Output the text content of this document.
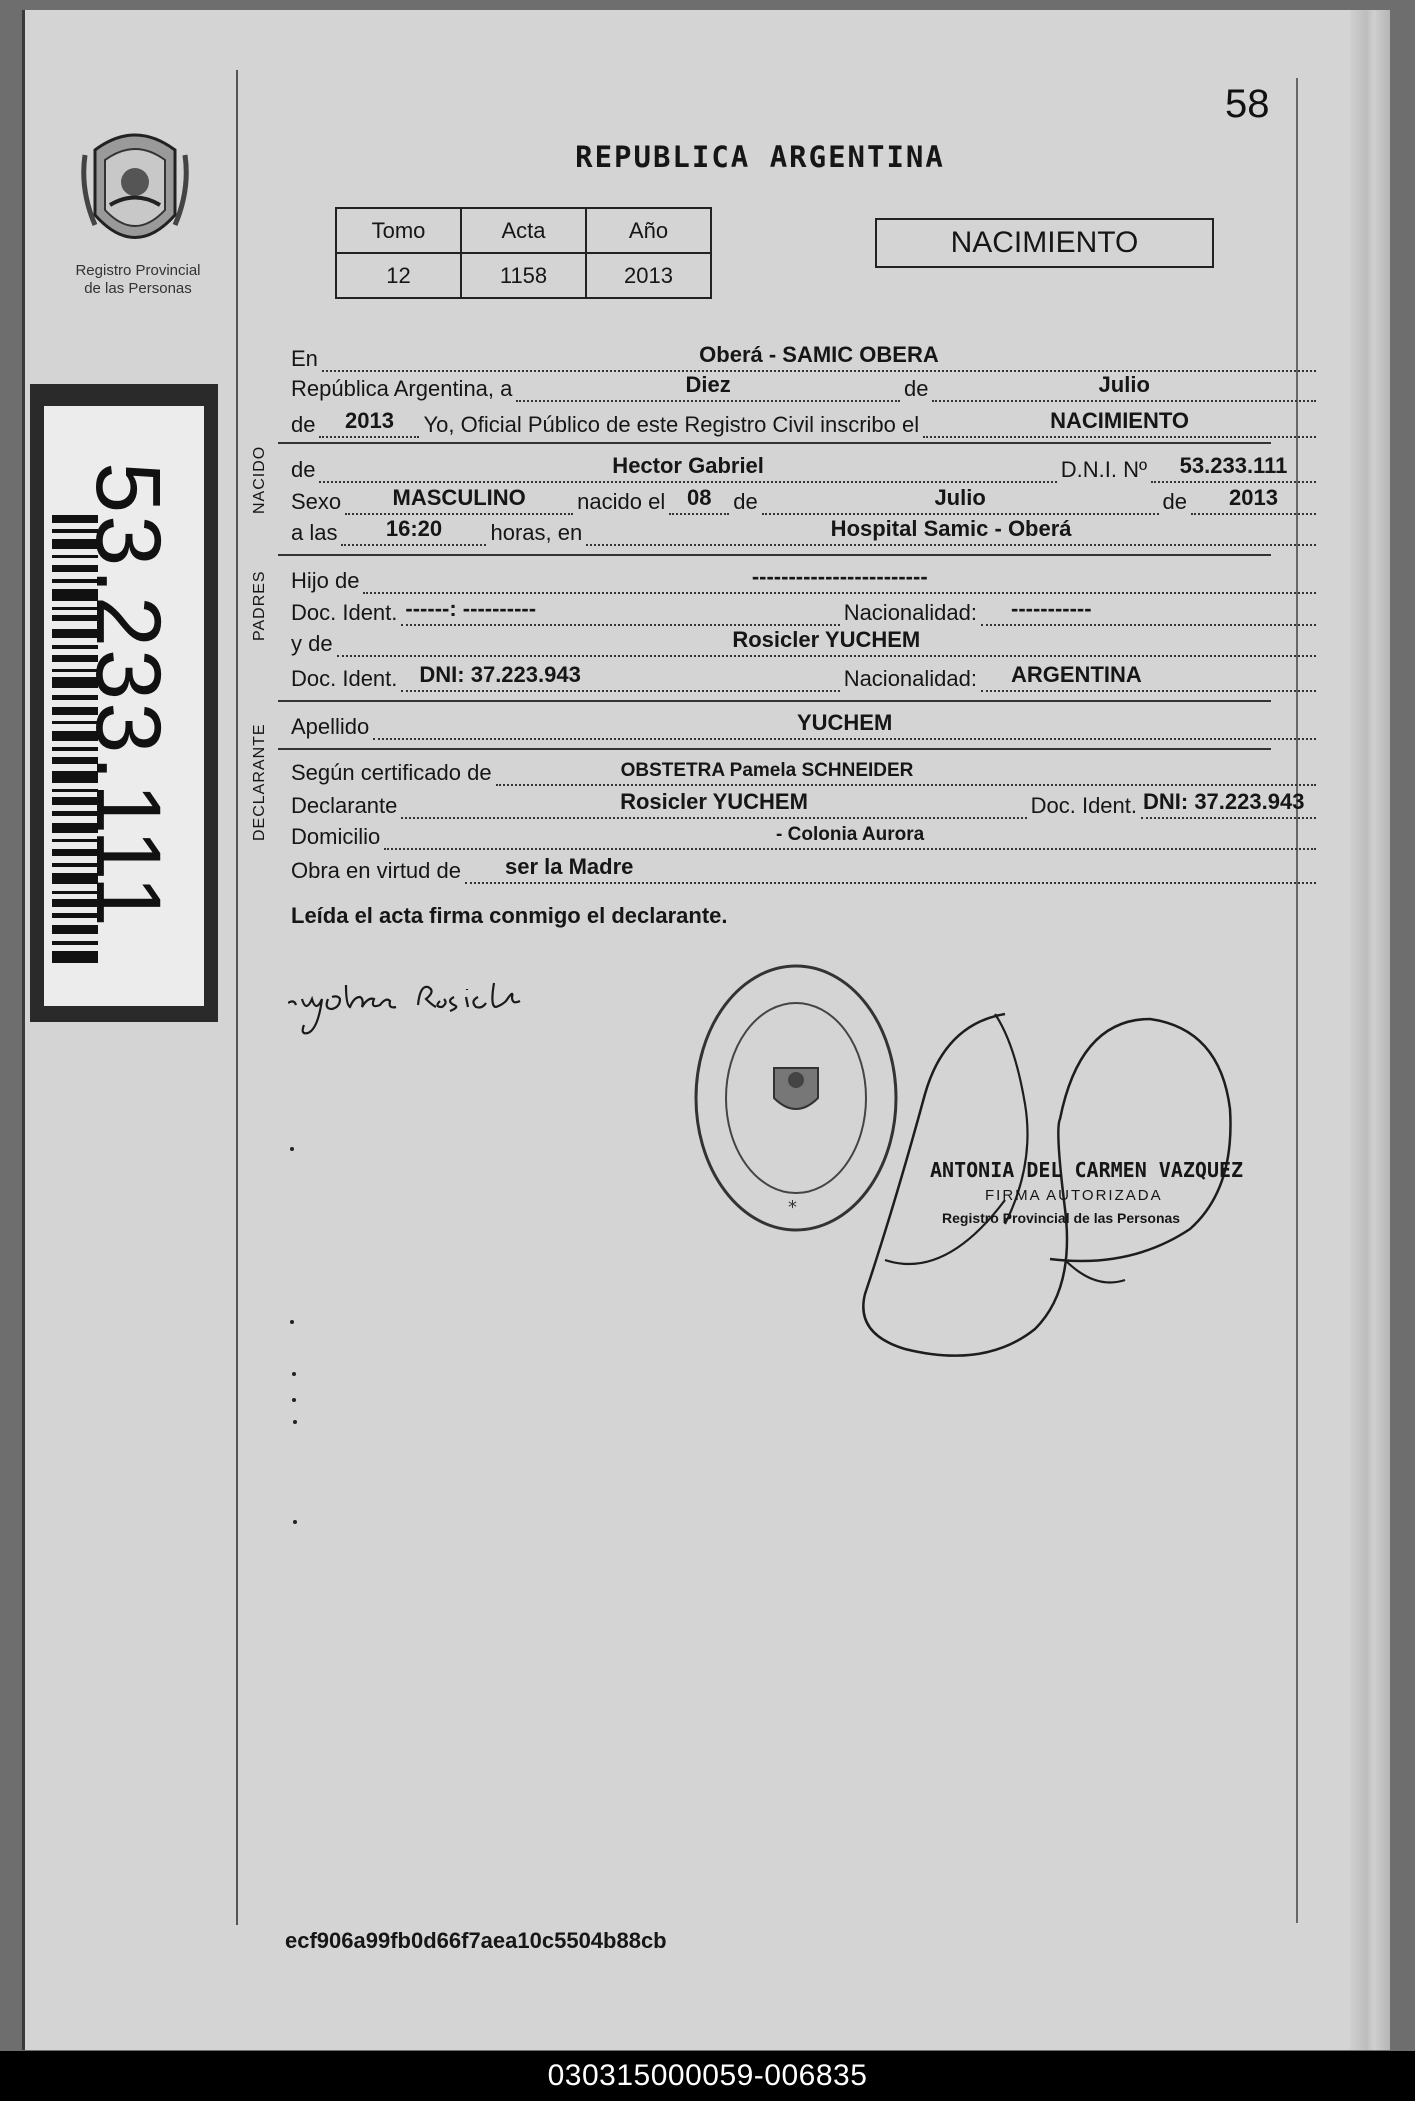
Registro Provincial
de las Personas
53.233.111
58
REPUBLICA ARGENTINA
Tomo	Acta	Año
12	1158	2013
NACIMIENTO
En	Oberá - SAMIC OBERA
República Argentina, a	Diez	de	Julio
de 2013 Yo, Oficial Público de este Registro Civil inscribo el	NACIMIENTO
NACIDO de	Hector Gabriel	D.N.I. Nº 53.233.111
Sexo MASCULINO nacido el 08 de	Julio	de 2013
a las 16:20 horas, en	Hospital Samic - Oberá
PADRES Hijo de	------------------------
Doc. Ident. ------: ----------	Nacionalidad: -----------
y de	Rosicler YUCHEM
Doc. Ident. DNI: 37.223.943	Nacionalidad: ARGENTINA
Apellido	YUCHEM
Según certificado de	OBSTETRA Pamela SCHNEIDER
Declarante	Rosicler YUCHEM	Doc. Ident. DNI: 37.223.943
Domicilio	- Colonia Aurora
Obra en virtud de ser la Madre
Leída el acta firma conmigo el declarante.
*
ANTONIA DEL CARMEN VAZQUEZ
FIRMA AUTORIZADA
Registro Provincial de las Personas
ecf906a99fb0d66f7aea10c5504b88cb
030315000059-006835
